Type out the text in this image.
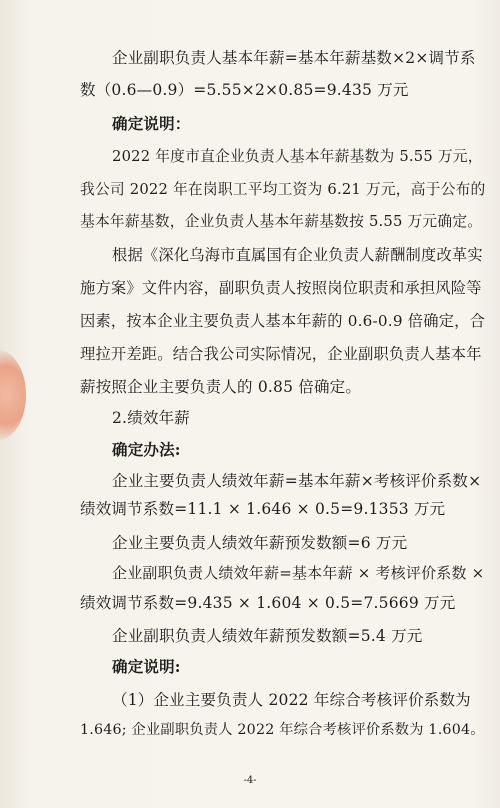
企业副职负责人基本年薪=基本年薪基数×2×调节系
数（0.6—0.9）=5.55×2×0.85=9.435 万元
确定说明：
2022 年度市直企业负责人基本年薪基数为 5.55 万元，
我公司 2022 年在岗职工平均工资为 6.21 万元，高于公布的
基本年薪基数，企业负责人基本年薪基数按 5.55 万元确定。
根据《深化乌海市直属国有企业负责人薪酬制度改革实
施方案》文件内容，副职负责人按照岗位职责和承担风险等
因素，按本企业主要负责人基本年薪的 0.6-0.9 倍确定，合
理拉开差距。结合我公司实际情况，企业副职负责人基本年
薪按照企业主要负责人的 0.85 倍确定。
2.绩效年薪
确定办法:
企业主要负责人绩效年薪=基本年薪×考核评价系数×
绩效调节系数=11.1 × 1.646 × 0.5=9.1353 万元
企业主要负责人绩效年薪预发数额=6 万元
企业副职负责人绩效年薪=基本年薪 × 考核评价系数 ×
绩效调节系数=9.435 × 1.604 × 0.5=7.5669 万元
企业副职负责人绩效年薪预发数额=5.4 万元
确定说明:
（1）企业主要负责人 2022 年综合考核评价系数为
1.646; 企业副职负责人 2022 年综合考核评价系数为 1.604。
-4-
